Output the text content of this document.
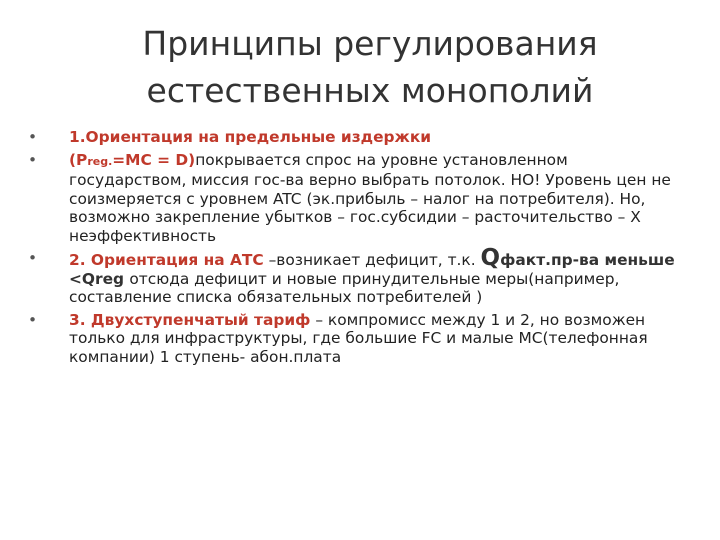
Принципы регулирования
естественных монополий
•	1.Ориентация на предельные издержки
•	(Preg.=MC = D)покрывается спрос на уровне установленном государством, миссия гос-ва верно выбрать потолок. НО! Уровень цен не соизмеряется с уровнем ATC (эк.прибыль – налог на потребителя). Но, возможно закрепление убытков – гос.субсидии – расточительство – Х неэффективность
•	2. Ориентация на АТС –возникает дефицит, т.к. Qфакт.пр-ва меньше <Qreg отсюда дефицит и новые принудительные меры(например, составление списка обязательных потребителей )
•	3. Двухступенчатый тариф – компромисс между 1 и 2, но возможен только для инфраструктуры, где большие FC и малые MC(телефонная компании) 1 ступень- абон.плата
